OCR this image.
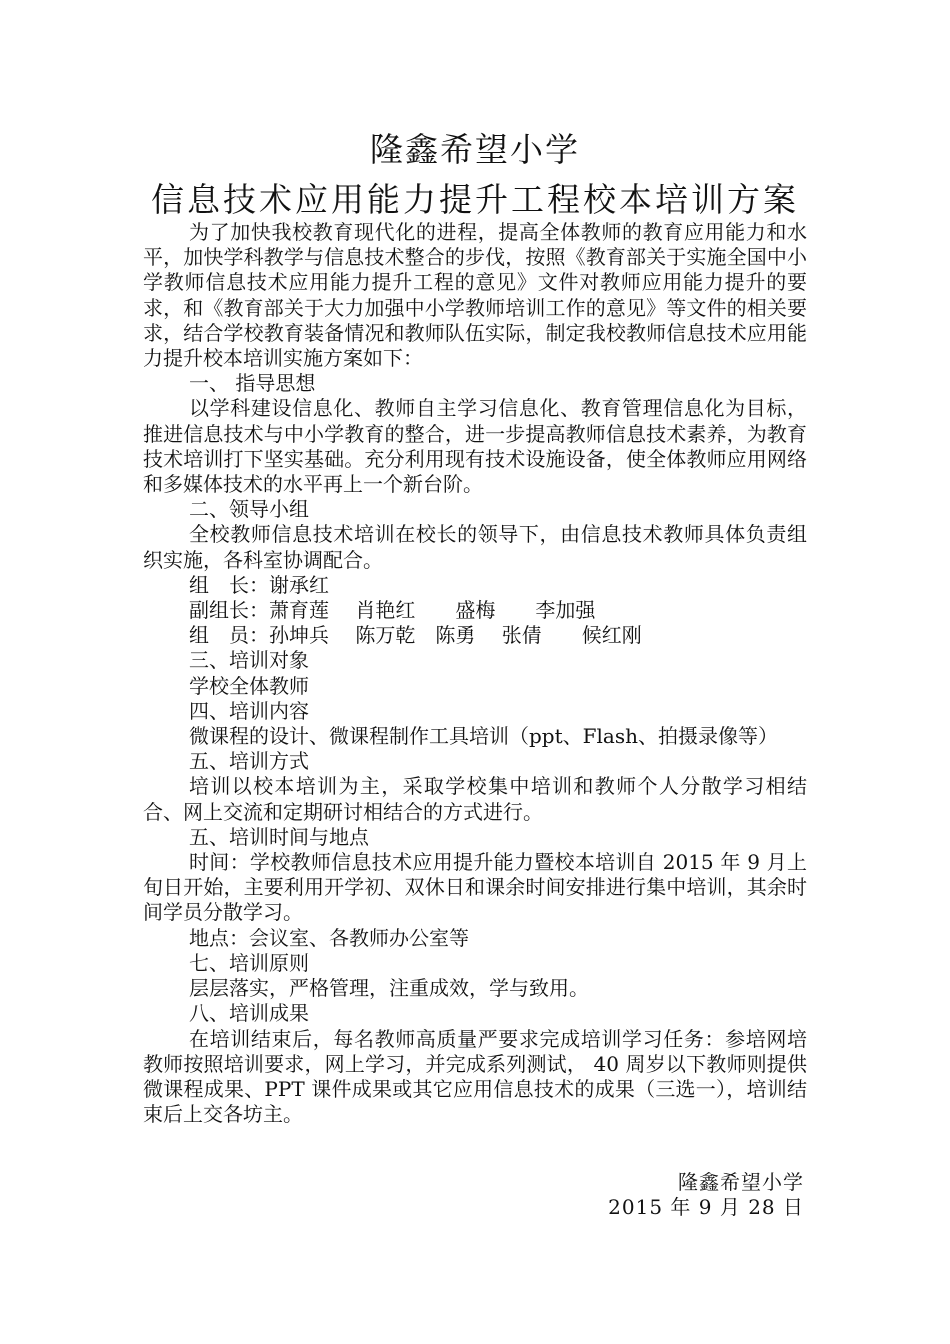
隆鑫希望小学
信息技术应用能力提升工程校本培训方案

为了加快我校教育现代化的进程，提高全体教师的教育应用能力和水平，加快学科教学与信息技术整合的步伐，按照《教育部关于实施全国中小学教师信息技术应用能力提升工程的意见》文件对教师应用能力提升的要求，和《教育部关于大力加强中小学教师培训工作的意见》等文件的相关要求，结合学校教育装备情况和教师队伍实际，制定我校教师信息技术应用能力提升校本培训实施方案如下：

一、 指导思想

以学科建设信息化、教师自主学习信息化、教育管理信息化为目标，推进信息技术与中小学教育的整合，进一步提高教师信息技术素养，为教育技术培训打下坚实基础。充分利用现有技术设施设备，使全体教师应用网络和多媒体技术的水平再上一个新台阶。

二、领导小组

全校教师信息技术培训在校长的领导下，由信息技术教师具体负责组织实施，各科室协调配合。

组　长：谢承红

副组长：萧育莲　 肖艳红　　盛梅　　李加强

组　员：孙坤兵　 陈万乾　陈勇　 张倩　　候红刚

三、培训对象

学校全体教师

四、培训内容

微课程的设计、微课程制作工具培训（ppt、Flash、拍摄录像等）

五、培训方式

培训以校本培训为主，采取学校集中培训和教师个人分散学习相结合、网上交流和定期研讨相结合的方式进行。

五、培训时间与地点

时间：学校教师信息技术应用提升能力暨校本培训自 2015 年 9 月上旬日开始，主要利用开学初、双休日和课余时间安排进行集中培训，其余时间学员分散学习。

地点：会议室、各教师办公室等

七、培训原则

层层落实，严格管理，注重成效，学与致用。

八、培训成果

在培训结束后，每名教师高质量严要求完成培训学习任务：参培网培教师按照培训要求，网上学习，并完成系列测试， 40 周岁以下教师则提供微课程成果、PPT 课件成果或其它应用信息技术的成果（三选一），培训结束后上交各坊主。

隆鑫希望小学
2015 年 9 月 28 日
